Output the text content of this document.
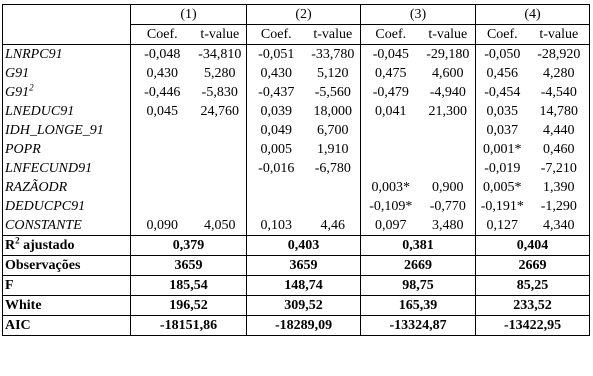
	(1)		(2)		(3)		(4)	
	Coef.	t-value	Coef.	t-value	Coef.	t-value	Coef.	t-value
LNRPC91	-0,048	-34,810	-0,051	-33,780	-0,045	-29,180	-0,050	-28,920
G91	0,430	5,280	0,430	5,120	0,475	4,600	0,456	4,280
$G91^2$	-0,446	-5,830	-0,437	-5,560	-0,479	-4,940	-0,454	-4,540
LNEDUC91	0,045	24,760	0,039	18,000	0,041	21,300	0,035	14,780
IDH_LONGE_91			0,049	6,700			0,037	4,440
POPR			0,005	1,910			0,001*	0,460
LNFECUND91			-0,016	-6,780			-0,019	-7,210
RAZÃODR					0,003*	0,900	0,005*	1,390
DEDUCPC91					-0,109*	-0,770	-0,191*	-1,290
CONSTANTE	0,090	4,050	0,103	4,46	0,097	3,480	0,127	4,340
$R^2$ ajustado	0,379		0,403		0,381		0,404	
Observações	3659		3659		2669		2669	
F	185,54		148,74		98,75		85,25	
White	196,52		309,52		165,39		233,52	
AIC	-18151,86		-18289,09		-13324,87		-13422,95	
